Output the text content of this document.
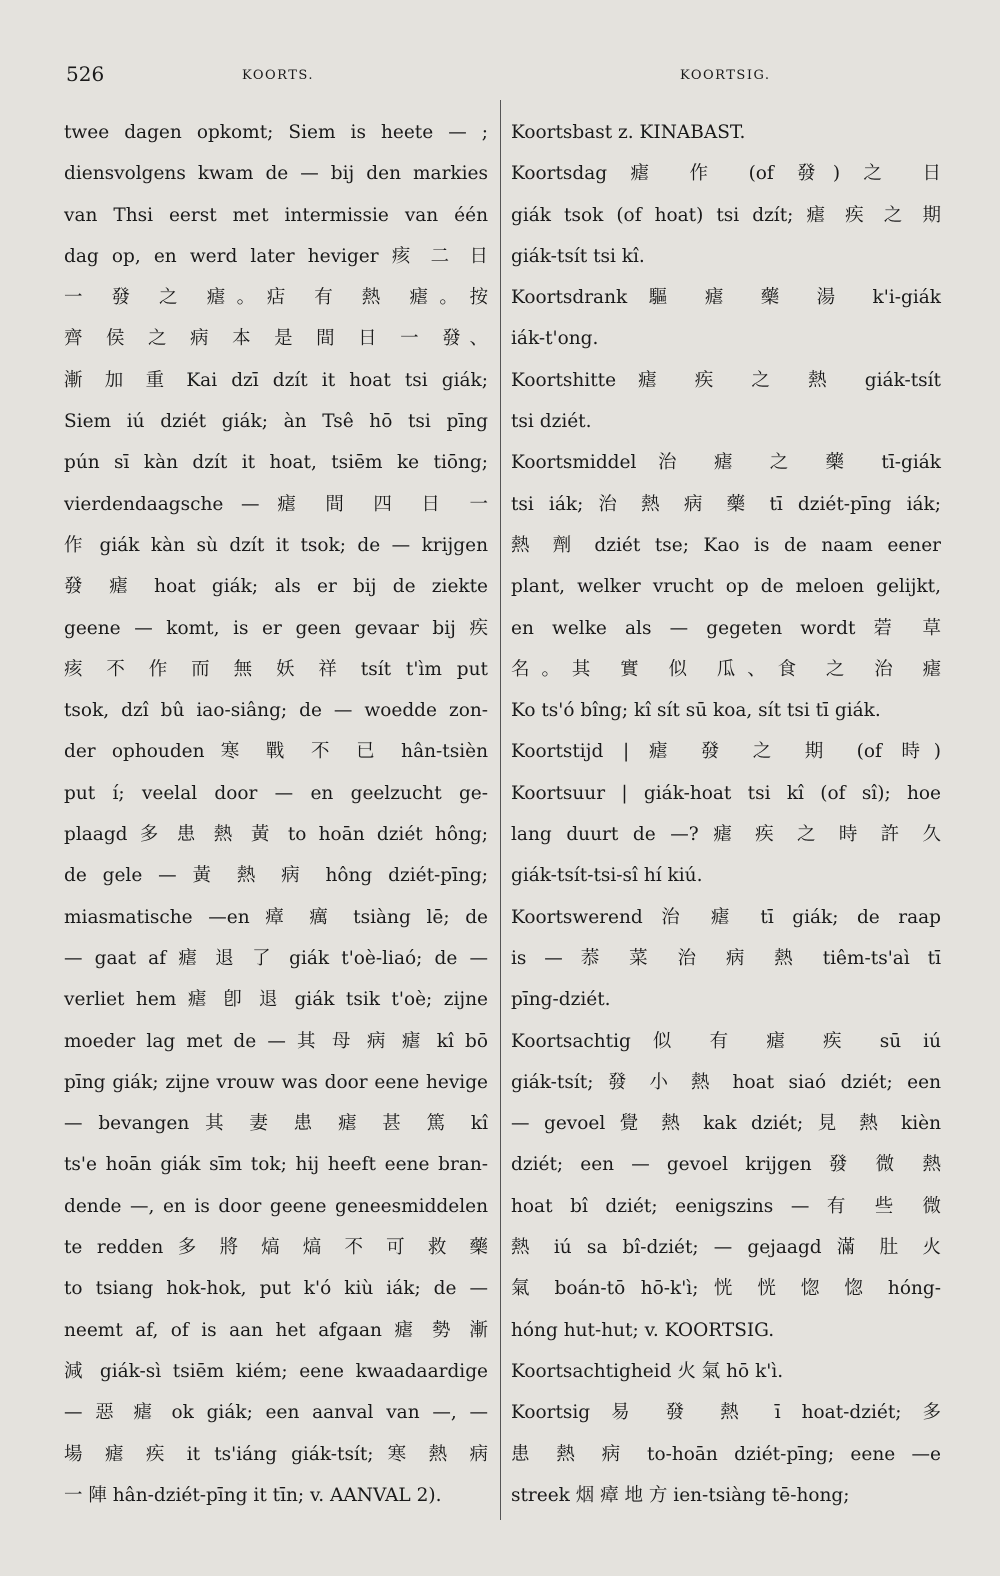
526	KOORTS.	KOORTSIG.
twee dagen opkomt; Siem is heete — ;
diensvolgens kwam de — bij den markies
van Thsi eerst met intermissie van één
dag op, en werd later heviger 痎 二 日
一 發 之 瘧。痁 有 熱 瘧。按
齊 侯 之 病 本 是 間 日 一 發、
漸 加 重 Kai dzī dzít it hoat tsi giák;
Siem iú dziét giák; àn Tsê hō tsi pīng
pún sī kàn dzít it hoat, tsiēm ke tiōng;
vierdendaagsche — 瘧 間 四 日 一
作 giák kàn sù dzít it tsok; de — krijgen
發 瘧 hoat giák; als er bij de ziekte
geene — komt, is er geen gevaar bij 疾
痎 不 作 而 無 妖 祥 tsít t'ìm put
tsok, dzî bû iao-siâng; de — woedde zon-
der ophouden 寒 戰 不 已 hân-tsièn
put í; veelal door — en geelzucht ge-
plaagd 多 患 熱 黃 to hoān dziét hông;
de gele — 黃 熱 病 hông dziét-pīng;
miasmatische —en 瘴 癘 tsiàng lē; de
— gaat af 瘧 退 了 giák t'oè-liaó; de —
verliet hem 瘧 卽 退 giák tsik t'oè; zijne
moeder lag met de — 其 母 病 瘧 kî bō
pīng giák; zijne vrouw was door eene hevige
— bevangen 其 妻 患 瘧 甚 篤 kî
ts'e hoān giák sīm tok; hij heeft eene bran-
dende —, en is door geene geneesmiddelen
te redden 多 將 熇 熇 不 可 救 藥
to tsiang hok-hok, put k'ó kiù iák; de —
neemt af, of is aan het afgaan 瘧 勢 漸
減 giák-sì tsiēm kiém; eene kwaadaardige
— 惡 瘧 ok giák; een aanval van —, —
場 瘧 疾 it ts'iáng giák-tsít; 寒 熱 病
一 陣 hân-dziét-pīng it tīn; v. AANVAL 2).
Koortsbast z. KINABAST.
Koortsdag 瘧 作 (of 發) 之 日
giák tsok (of hoat) tsi dzít; 瘧 疾 之 期
giák-tsít tsi kî.
Koortsdrank 驅 瘧 藥 湯 k'i-giák
iák-t'ong.
Koortshitte 瘧 疾 之 熱 giák-tsít
tsi dziét.
Koortsmiddel 治 瘧 之 藥 tī-giák
tsi iák; 治 熱 病 藥 tī dziét-pīng iák;
熱 劑 dziét tse; Kao is de naam eener
plant, welker vrucht op de meloen gelijkt,
en welke als — gegeten wordt 菪 草
名。其 實 似 瓜、食 之 治 瘧
Ko ts'ó bîng; kî sít sū koa, sít tsi tī giák.
Koortstijd | 瘧 發 之 期 (of 時)
Koortsuur | giák-hoat tsi kî (of sî); hoe
lang duurt de —? 瘧 疾 之 時 許 久
giák-tsít-tsi-sî hí kiú.
Koortswerend 治 瘧 tī giák; de raap
is — 菾 菜 治 病 熱 tiêm-ts'aì tī
pīng-dziét.
Koortsachtig 似 有 瘧 疾 sū iú
giák-tsít; 發 小 熱 hoat siaó dziét; een
— gevoel 覺 熱 kak dziét; 見 熱 kièn
dziét; een — gevoel krijgen 發 微 熱
hoat bî dziét; eenigszins — 有 些 微
熱 iú sa bî-dziét; — gejaagd 滿 肚 火
氣 boán-tō hō-k'ì; 恍 恍 惚 惚 hóng-
hóng hut-hut; v. KOORTSIG.
Koortsachtigheid 火 氣 hō k'ì.
Koortsig 易 發 熱 ī hoat-dziét; 多
患 熱 病 to-hoān dziét-pīng; eene —e
streek 烟 瘴 地 方 ien-tsiàng tē-hong;
